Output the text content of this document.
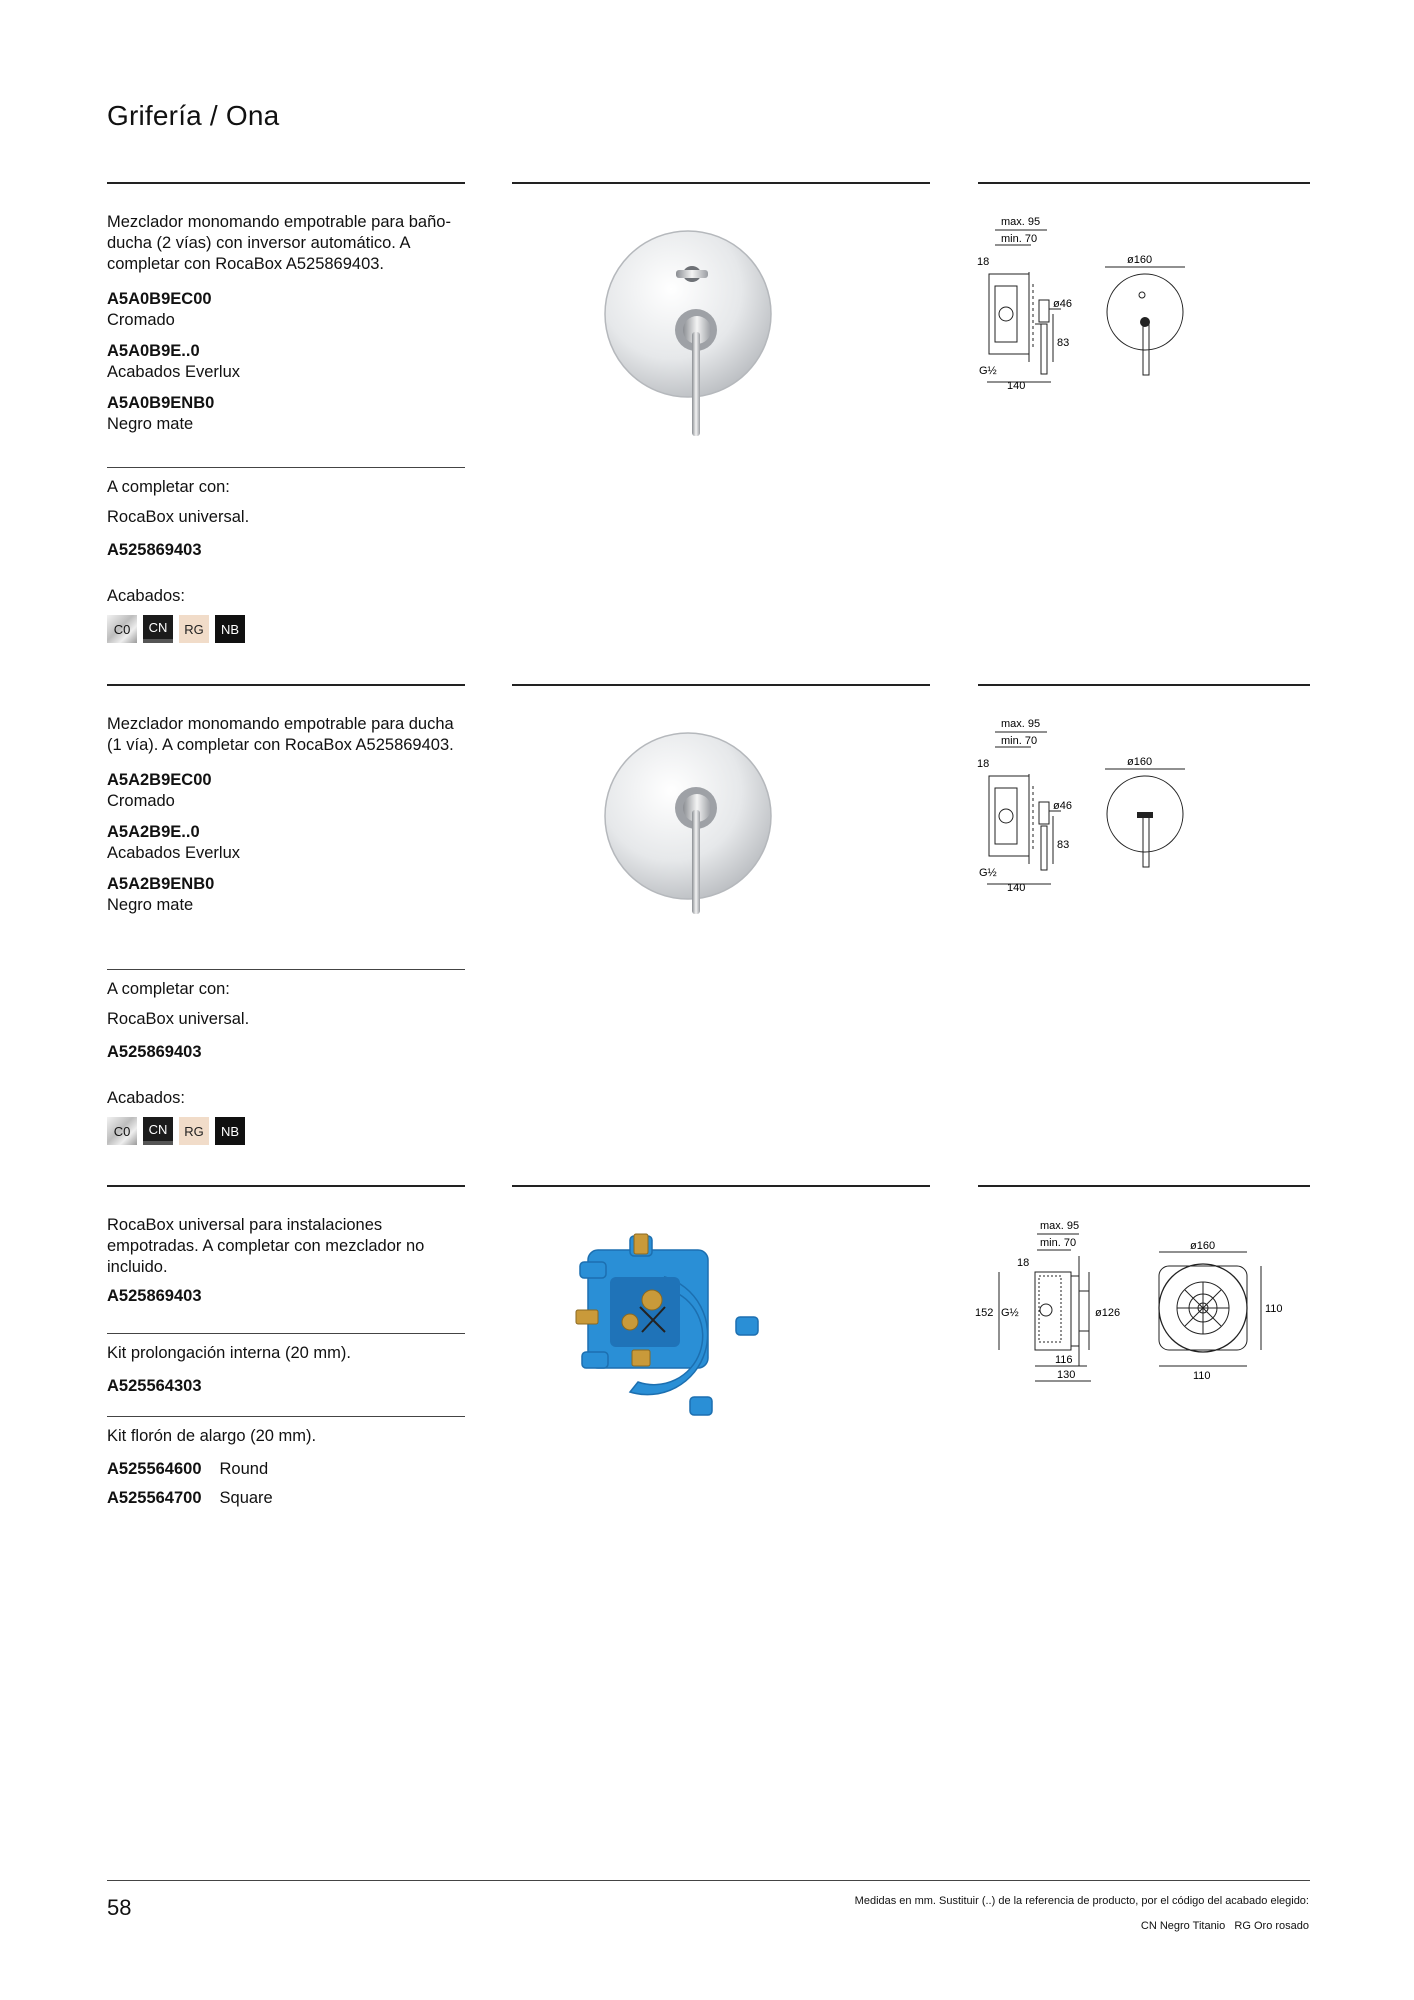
Grifería / Ona

Mezclador monomando empotrable para baño-ducha (2 vías) con inversor automático. A completar con RocaBox A525869403.

A5A0B9EC00

Cromado

A5A0B9E..0

Acabados Everlux

A5A0B9ENB0

Negro mate

A completar con:

RocaBox universal.

A525869403

Acabados:

C0	CN	RG	NB
max. 95
min. 70
18
ø46
83
G½
140
ø160

Mezclador monomando empotrable para ducha (1 vía). A completar con RocaBox A525869403.

A5A2B9EC00

Cromado

A5A2B9E..0

Acabados Everlux

A5A2B9ENB0

Negro mate

A completar con:

RocaBox universal.

A525869403

Acabados:

C0	CN	RG	NB
max. 95
min. 70
18
ø46
83
G½
140
ø160

RocaBox universal para instalaciones empotradas. A completar con mezclador no incluido.

A525869403

Kit prolongación interna (20 mm).

A525564303

Kit florón de alargo (20 mm).

A525564600 Round
A525564700 Square
max. 95
min. 70
18
152 G½	ø126
116
130
ø160
110
110
58	Medidas en mm. Sustituir (..) de la referencia de producto, por el código del acabado elegido:
CN Negro Titanio   RG Oro rosado
